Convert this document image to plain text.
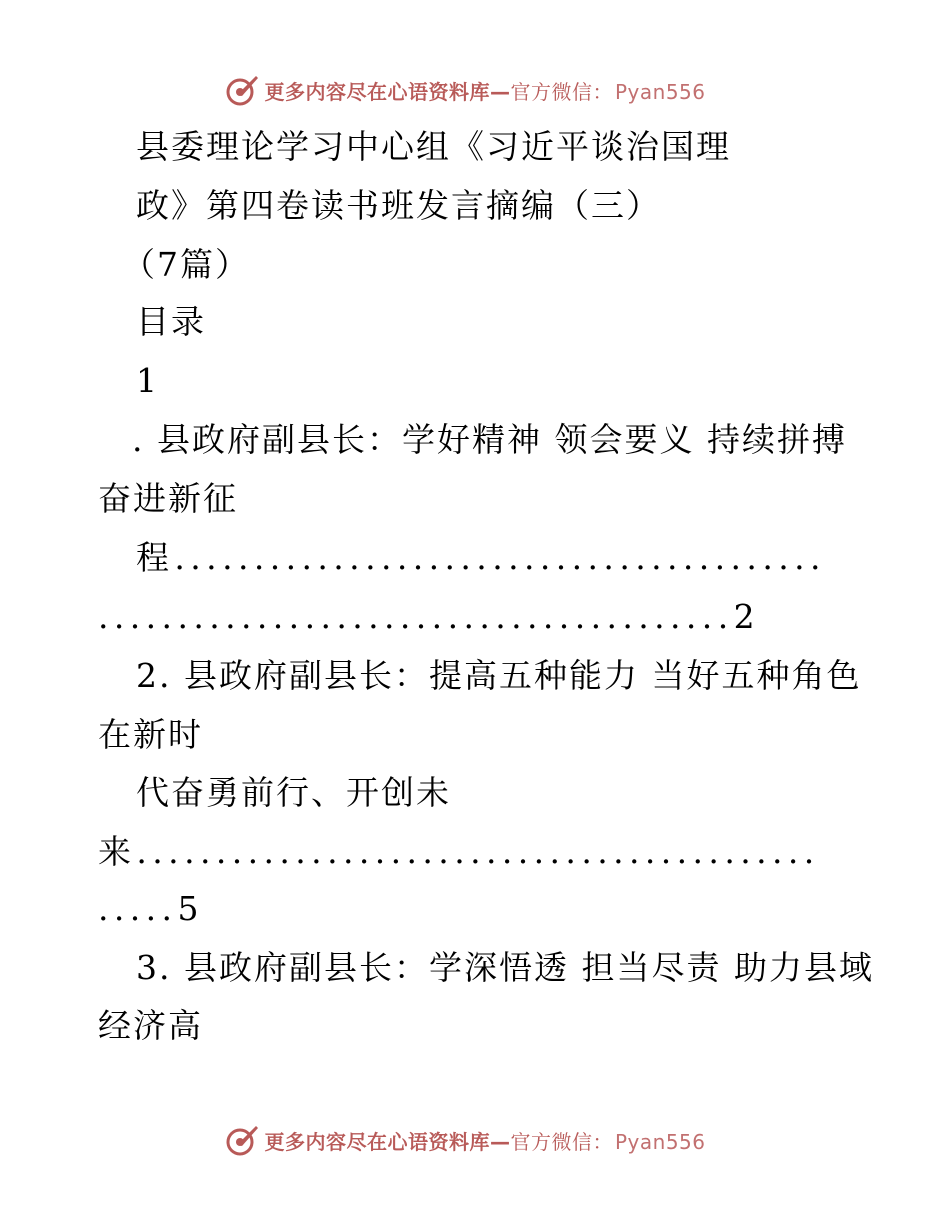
更多内容尽在心语资料库—官方微信： Pyan556
县委理论学习中心组《习近平谈治国理
政》第四卷读书班发言摘编（三）
（7篇）
目录
1
. 县政府副县长：学好精神 领会要义 持续拼搏
奋进新征
程.........................................
........................................2
2. 县政府副县长：提高五种能力 当好五种角色
在新时
代奋勇前行、开创未
来...........................................
.....5
3. 县政府副县长：学深悟透 担当尽责 助力县域
经济高
更多内容尽在心语资料库—官方微信： Pyan556
